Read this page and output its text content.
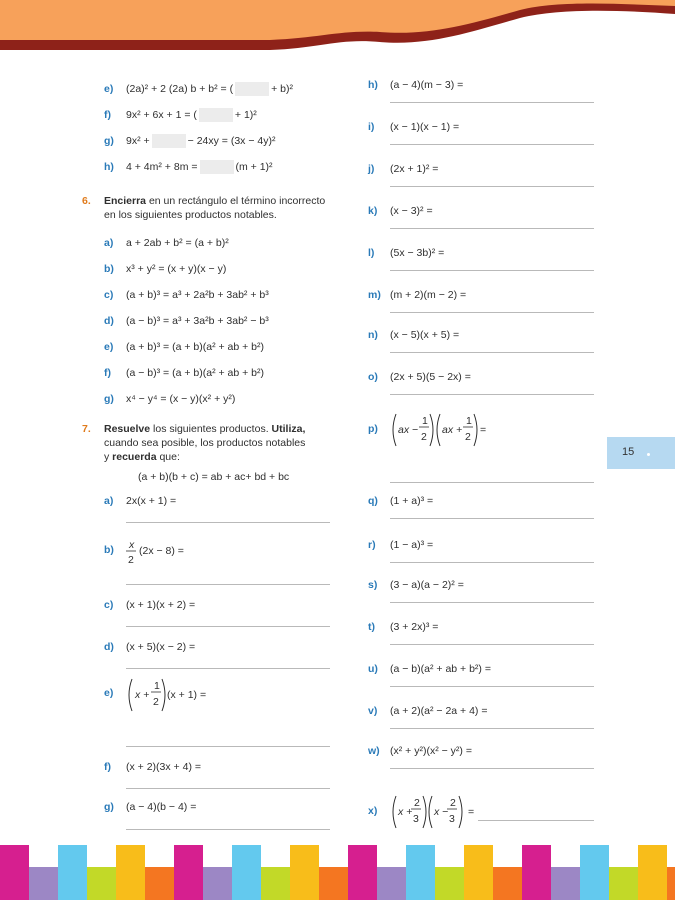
e) (2a)² + 2 (2a) b + b² = (	+ b)²
f) 9x² + 6x + 1 = (	+ 1)²
g) 9x² +	− 24xy = (3x − 4y)²
h) 4 + 4m² + 8m =	(m + 1)²
6. Encierra en un rectángulo el término incorrecto
en los siguientes productos notables.
a) a + 2ab + b² = (a + b)²
b) x³ + y² = (x + y)(x − y)
c) (a + b)³ = a³ + 2a²b + 3ab² + b³
d) (a − b)³ = a³ + 3a²b + 3ab² − b³
e) (a + b)³ = (a + b)(a² + ab + b²)
f) (a − b)³ = (a + b)(a² + ab + b²)
g) x⁴ − y⁴ = (x − y)(x² + y²)
7. Resuelve los siguientes productos. Utiliza,
cuando sea posible, los productos notables
y recuerda que:
(a + b)(b + c) = ab + ac+ bd + bc
a) 2x(x + 1) =
b) x
2
(2x − 8) =
c) (x + 1)(x + 2) =
d) (x + 5)(x − 2) =
e) x +
1
2
(x + 1) =
f) (x + 2)(3x + 4) =
g) (a − 4)(b − 4) =
h) (a − 4)(m − 3) =
i) (x − 1)(x − 1) =
j) (2x + 1)² =
k) (x − 3)² =
l) (5x − 3b)² =
m) (m + 2)(m − 2) =
n) (x − 5)(x + 5) =
o) (2x + 5)(5 − 2x) =
p) ax −
1
2
ax +
1
2
=
q) (1 + a)³ =
r) (1 − a)³ =
s) (3 − a)(a − 2)² =
t) (3 + 2x)³ =
u) (a − b)(a² + ab + b²) =
v) (a + 2)(a² − 2a + 4) =
w) (x² + y²)(x² − y²) =
x) x +
2
3
x −
2
3
=
15
